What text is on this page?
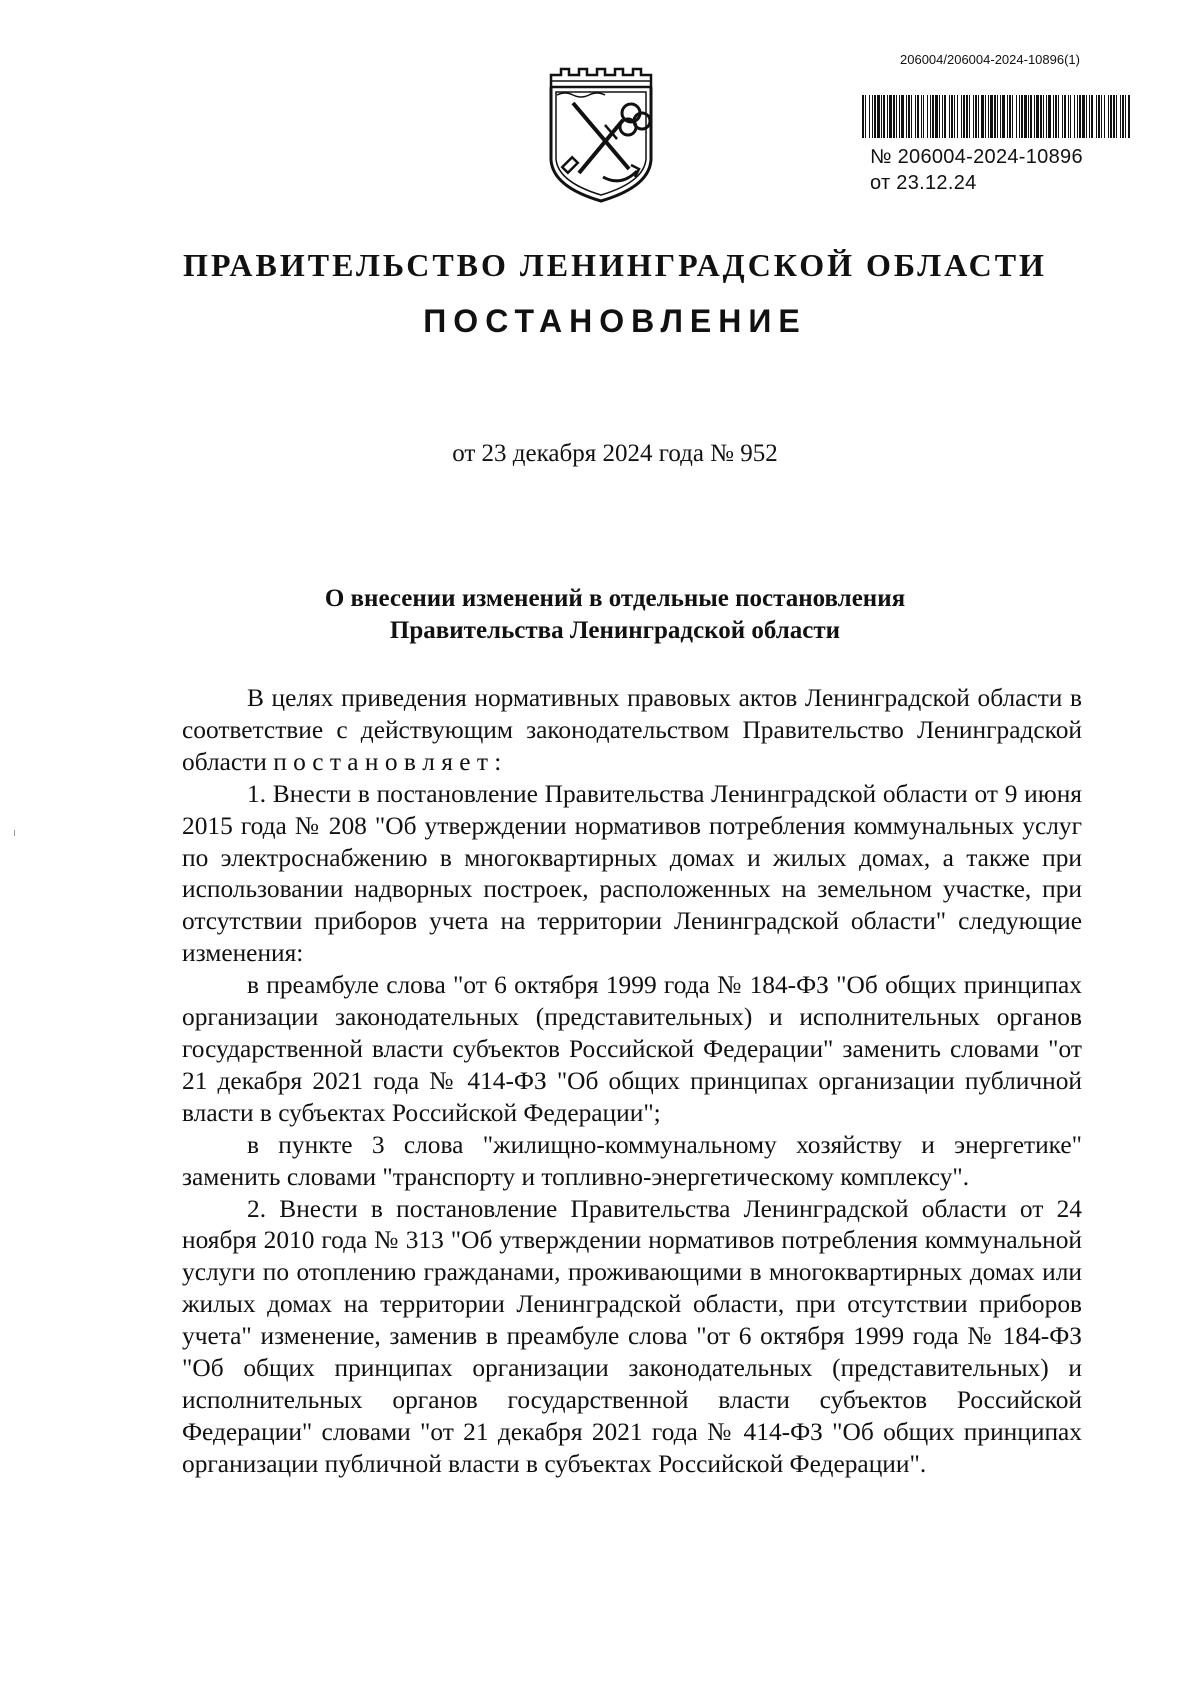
206004/206004-2024-10896(1)
№ 206004-2024-10896
от 23.12.24
ПРАВИТЕЛЬСТВО ЛЕНИНГРАДСКОЙ ОБЛАСТИ
ПОСТАНОВЛЕНИЕ
от 23 декабря 2024 года № 952
О внесении изменений в отдельные постановления
Правительства Ленинградской области

В целях приведения нормативных правовых актов Ленинградской области в соответствие с действующим законодательством Правительство Ленинградской области п о с т а н о в л я е т :

1. Внести в постановление Правительства Ленинградской области от 9 июня 2015 года № 208 "Об утверждении нормативов потребления коммунальных услуг по электроснабжению в многоквартирных домах и жилых домах, а также при использовании надворных построек, расположенных на земельном участке, при отсутствии приборов учета на территории Ленинградской области" следующие изменения:

в преамбуле слова "от 6 октября 1999 года № 184-ФЗ "Об общих принципах организации законодательных (представительных) и исполнительных органов государственной власти субъектов Российской Федерации" заменить словами "от 21 декабря 2021 года № 414-ФЗ "Об общих принципах организации публичной власти в субъектах Российской Федерации";

в пункте 3 слова "жилищно-коммунальному хозяйству и энергетике" заменить словами "транспорту и топливно-энергетическому комплексу".

2. Внести в постановление Правительства Ленинградской области от 24 ноября 2010 года № 313 "Об утверждении нормативов потребления коммунальной услуги по отоплению гражданами, проживающими в многоквартирных домах или жилых домах на территории Ленинградской области, при отсутствии приборов учета" изменение, заменив в преамбуле слова "от 6 октября 1999 года № 184-ФЗ "Об общих принципах организации законодательных (представительных) и исполнительных органов государственной власти субъектов Российской Федерации" словами "от 21 декабря 2021 года № 414-ФЗ "Об общих принципах организации публичной власти в субъектах Российской Федерации".
